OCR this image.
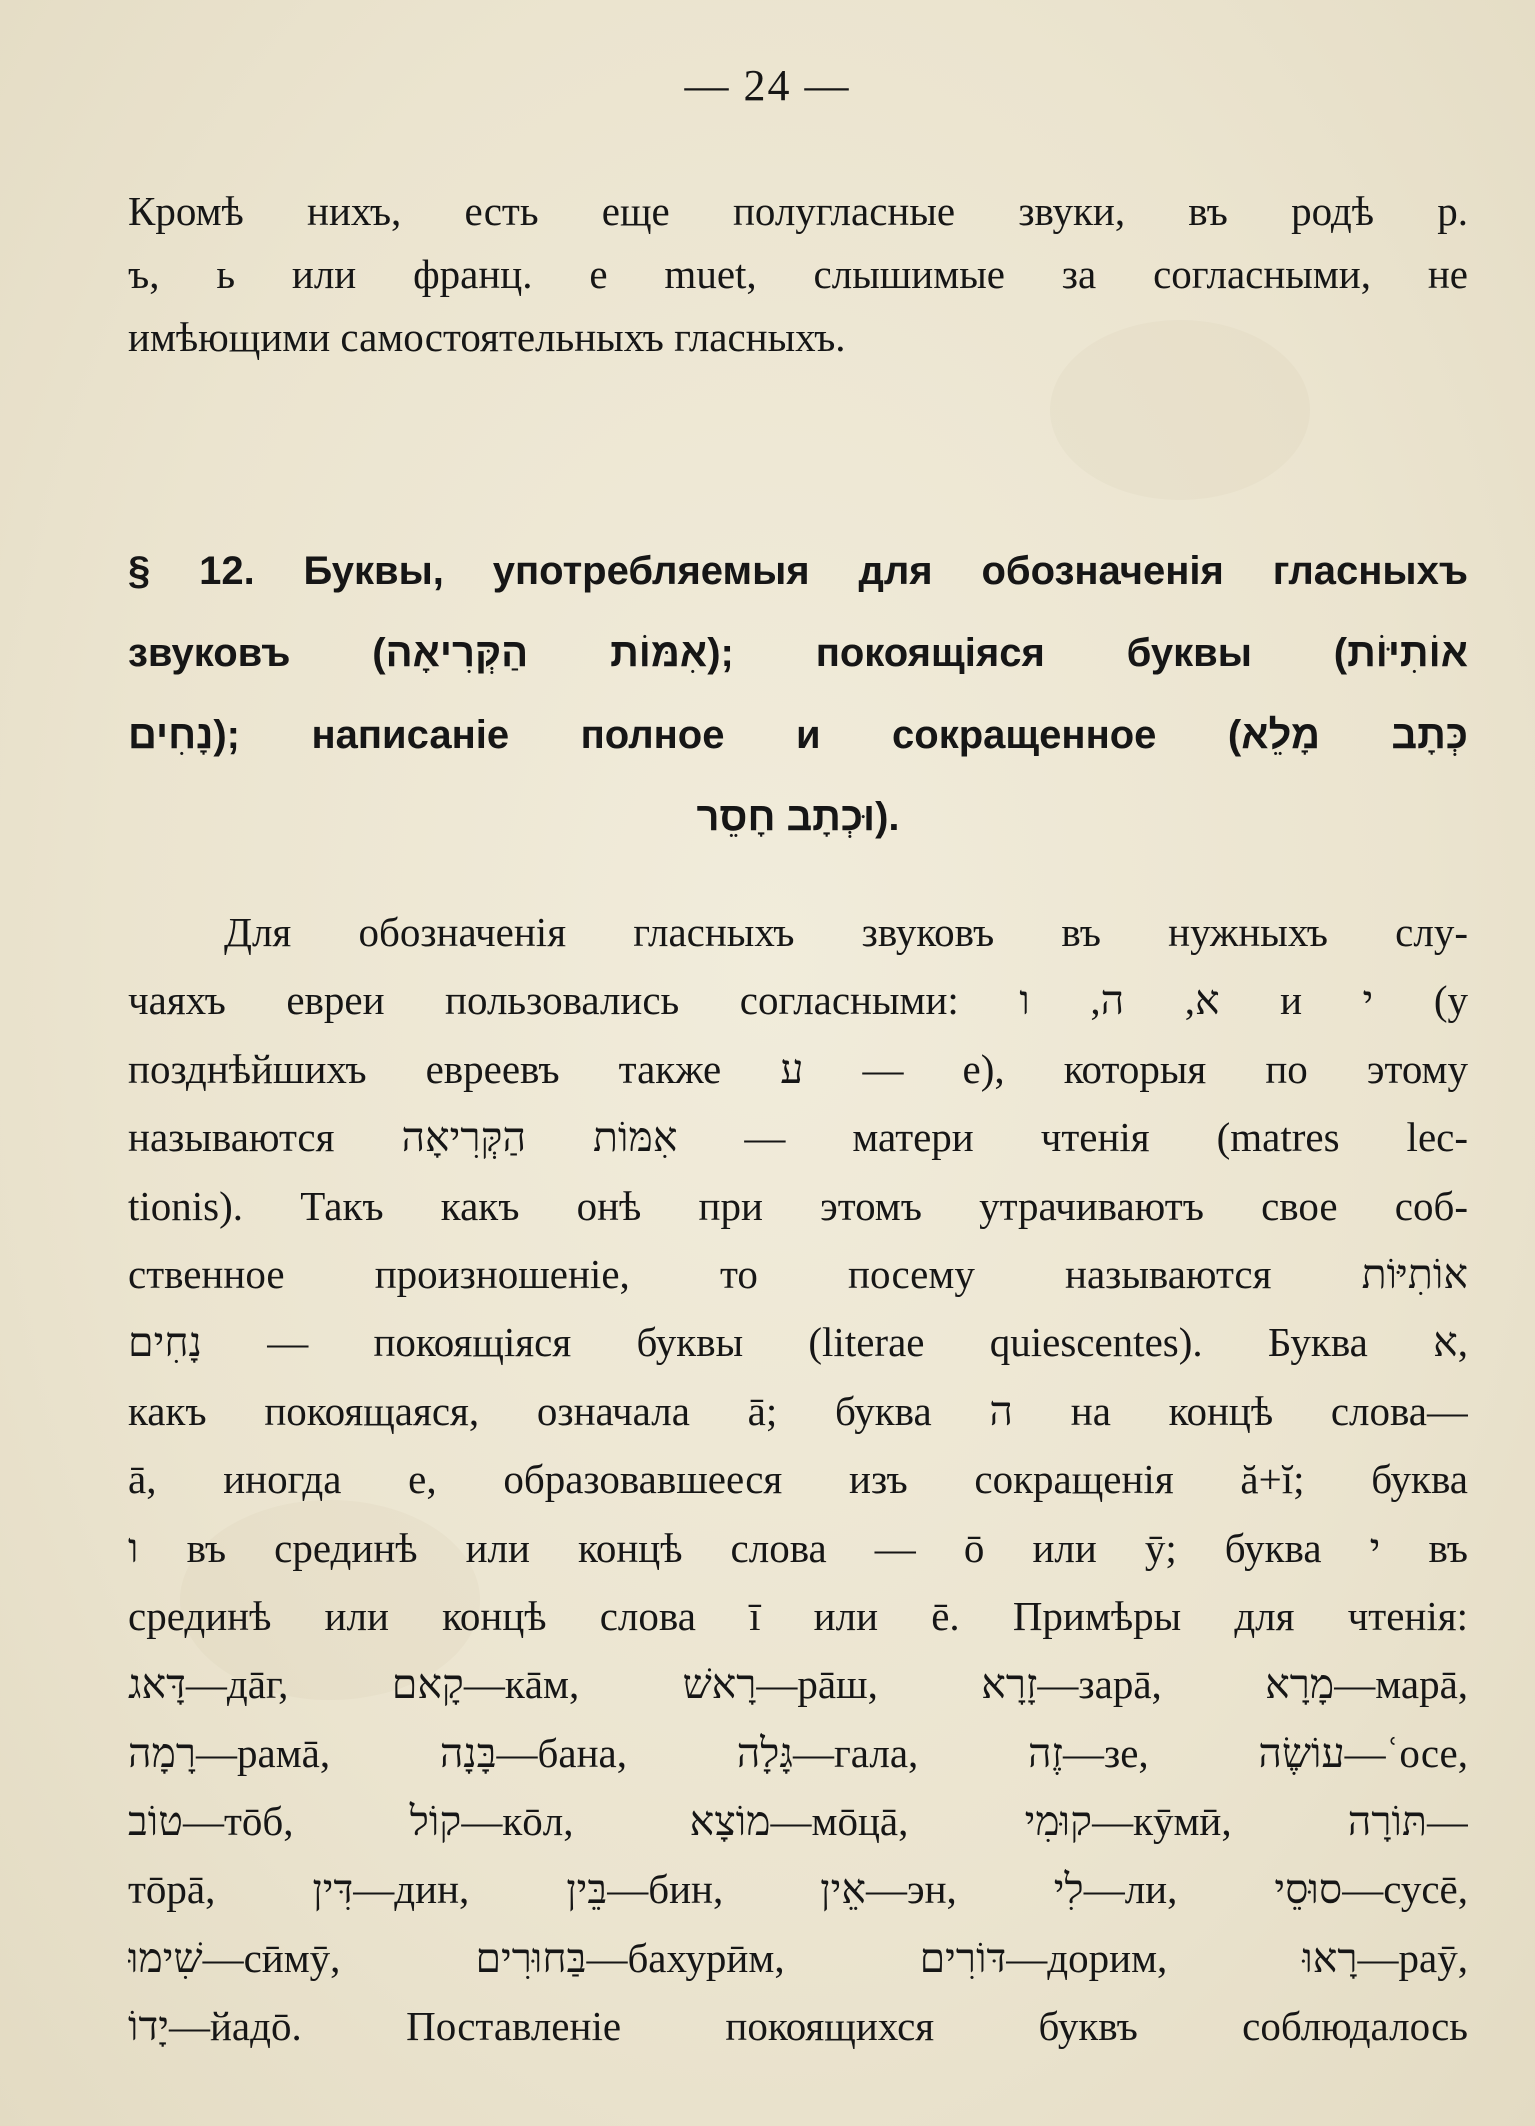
— 24 —
Кромѣ нихъ, есть еще полугласные звуки, въ родѣ р.
ъ, ь или франц. e muet, слышимые за согласными, не
имѣющими самостоятельныхъ гласныхъ.
§ 12. Буквы, употребляемыя для обозначенія гласныхъ
звуковъ (אִמּוֹת הַקְּרִיאָה); покоящіяся буквы (אוֹתִיּוֹת
נָחִים); написаніе полное и сокращенное (כְּתָב מָלֵא
וּכְתָב חָסֵר).
Для обозначенія гласныхъ звуковъ въ нужныхъ слу-
чаяхъ евреи пользовались согласными: א, ה, ו и י (у
позднѣйшихъ евреевъ также ע — е), которыя по этому
называются אִמּוֹת הַקְּרִיאָה — матери чтенія (matres lec-
tionis). Такъ какъ онѣ при этомъ утрачиваютъ свое соб-
ственное произношеніе, то посему называются אוֹתִיּוֹת
נָחִים — покоящіяся буквы (literae quiescentes). Буква א,
какъ покоящаяся, означала ā; буква ה на концѣ слова—
ā, иногда е, образовавшееся изъ сокращенія ă+ĭ; буква
ו въ срединѣ или концѣ слова — ō или ӯ; буква י въ
срединѣ или концѣ слова ī или ē. Примѣры для чтенія:
דָּאג—дāг, קָאם—кāм, רָאשׁ—рāш, זָרָא—зарā, מָרָא—марā,
רָמָה—рамā, בָּנָה—бана, גָּלָה—гала, זֶה—зе, עוֹשֶׂה—ʿосе,
טוֹב—тōб, קוֹל—кōл, מוֹצָא—мōцā, קוּמִי—кӯмӣ, תּוֹרָה—
тōрā, דִּין—дин, בֵּין—бин, אֵין—эн, לִי—ли, סוּסֵי—сусē,
שִׁימוּ—сӣмӯ, בַּחוּרִים—бахурӣм, דּוֹרִים—дорим, רָאוּ—раӯ,
יָדוֹ—йадō. Поставленіе покоящихся буквъ соблюдалось
